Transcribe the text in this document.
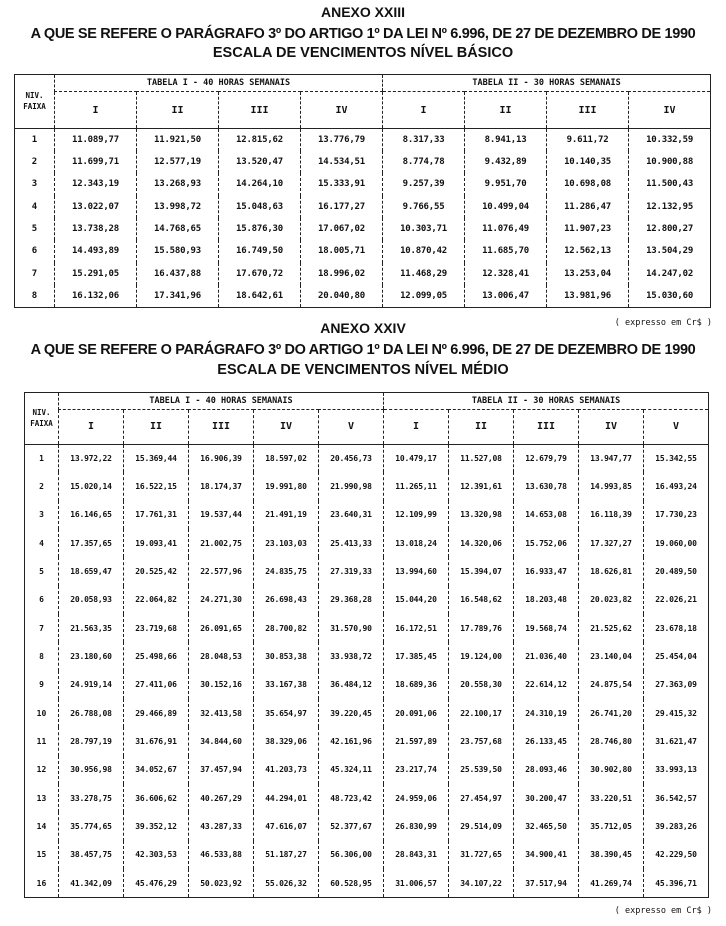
ANEXO XXIII
A QUE SE REFERE O PARÁGRAFO 3º DO ARTIGO 1º DA LEI Nº 6.996, DE 27 DE DEZEMBRO DE 1990
ESCALA DE VENCIMENTOS NÍVEL BÁSICO
NIV.
FAIXA	TABELA I - 40 HORAS SEMANAIS				TABELA II - 30 HORAS SEMANAIS			
	I	II	III	IV	I	II	III	IV
1	11.089,77	11.921,50	12.815,62	13.776,79	8.317,33	8.941,13	9.611,72	10.332,59
2	11.699,71	12.577,19	13.520,47	14.534,51	8.774,78	9.432,89	10.140,35	10.900,88
3	12.343,19	13.268,93	14.264,10	15.333,91	9.257,39	9.951,70	10.698,08	11.500,43
4	13.022,07	13.998,72	15.048,63	16.177,27	9.766,55	10.499,04	11.286,47	12.132,95
5	13.738,28	14.768,65	15.876,30	17.067,02	10.303,71	11.076,49	11.907,23	12.800,27
6	14.493,89	15.580,93	16.749,50	18.005,71	10.870,42	11.685,70	12.562,13	13.504,29
7	15.291,05	16.437,88	17.670,72	18.996,02	11.468,29	12.328,41	13.253,04	14.247,02
8	16.132,06	17.341,96	18.642,61	20.040,80	12.099,05	13.006,47	13.981,96	15.030,60
( expresso em Cr$ )
ANEXO XXIV
A QUE SE REFERE O PARÁGRAFO 3º DO ARTIGO 1º DA LEI Nº 6.996, DE 27 DE DEZEMBRO DE 1990
ESCALA DE VENCIMENTOS NÍVEL MÉDIO
NIV.
FAIXA	TABELA I - 40 HORAS SEMANAIS					TABELA II - 30 HORAS SEMANAIS				
	I	II	III	IV	V	I	II	III	IV	V
1	13.972,22	15.369,44	16.906,39	18.597,02	20.456,73	10.479,17	11.527,08	12.679,79	13.947,77	15.342,55
2	15.020,14	16.522,15	18.174,37	19.991,80	21.990,98	11.265,11	12.391,61	13.630,78	14.993,85	16.493,24
3	16.146,65	17.761,31	19.537,44	21.491,19	23.640,31	12.109,99	13.320,98	14.653,08	16.118,39	17.730,23
4	17.357,65	19.093,41	21.002,75	23.103,03	25.413,33	13.018,24	14.320,06	15.752,06	17.327,27	19.060,00
5	18.659,47	20.525,42	22.577,96	24.835,75	27.319,33	13.994,60	15.394,07	16.933,47	18.626,81	20.489,50
6	20.058,93	22.064,82	24.271,30	26.698,43	29.368,28	15.044,20	16.548,62	18.203,48	20.023,82	22.026,21
7	21.563,35	23.719,68	26.091,65	28.700,82	31.570,90	16.172,51	17.789,76	19.568,74	21.525,62	23.678,18
8	23.180,60	25.498,66	28.048,53	30.853,38	33.938,72	17.385,45	19.124,00	21.036,40	23.140,04	25.454,04
9	24.919,14	27.411,06	30.152,16	33.167,38	36.484,12	18.689,36	20.558,30	22.614,12	24.875,54	27.363,09
10	26.788,08	29.466,89	32.413,58	35.654,97	39.220,45	20.091,06	22.100,17	24.310,19	26.741,20	29.415,32
11	28.797,19	31.676,91	34.844,60	38.329,06	42.161,96	21.597,89	23.757,68	26.133,45	28.746,80	31.621,47
12	30.956,98	34.052,67	37.457,94	41.203,73	45.324,11	23.217,74	25.539,50	28.093,46	30.902,80	33.993,13
13	33.278,75	36.606,62	40.267,29	44.294,01	48.723,42	24.959,06	27.454,97	30.200,47	33.220,51	36.542,57
14	35.774,65	39.352,12	43.287,33	47.616,07	52.377,67	26.830,99	29.514,09	32.465,50	35.712,05	39.283,26
15	38.457,75	42.303,53	46.533,88	51.187,27	56.306,00	28.843,31	31.727,65	34.900,41	38.390,45	42.229,50
16	41.342,09	45.476,29	50.023,92	55.026,32	60.528,95	31.006,57	34.107,22	37.517,94	41.269,74	45.396,71
( expresso em Cr$ )
